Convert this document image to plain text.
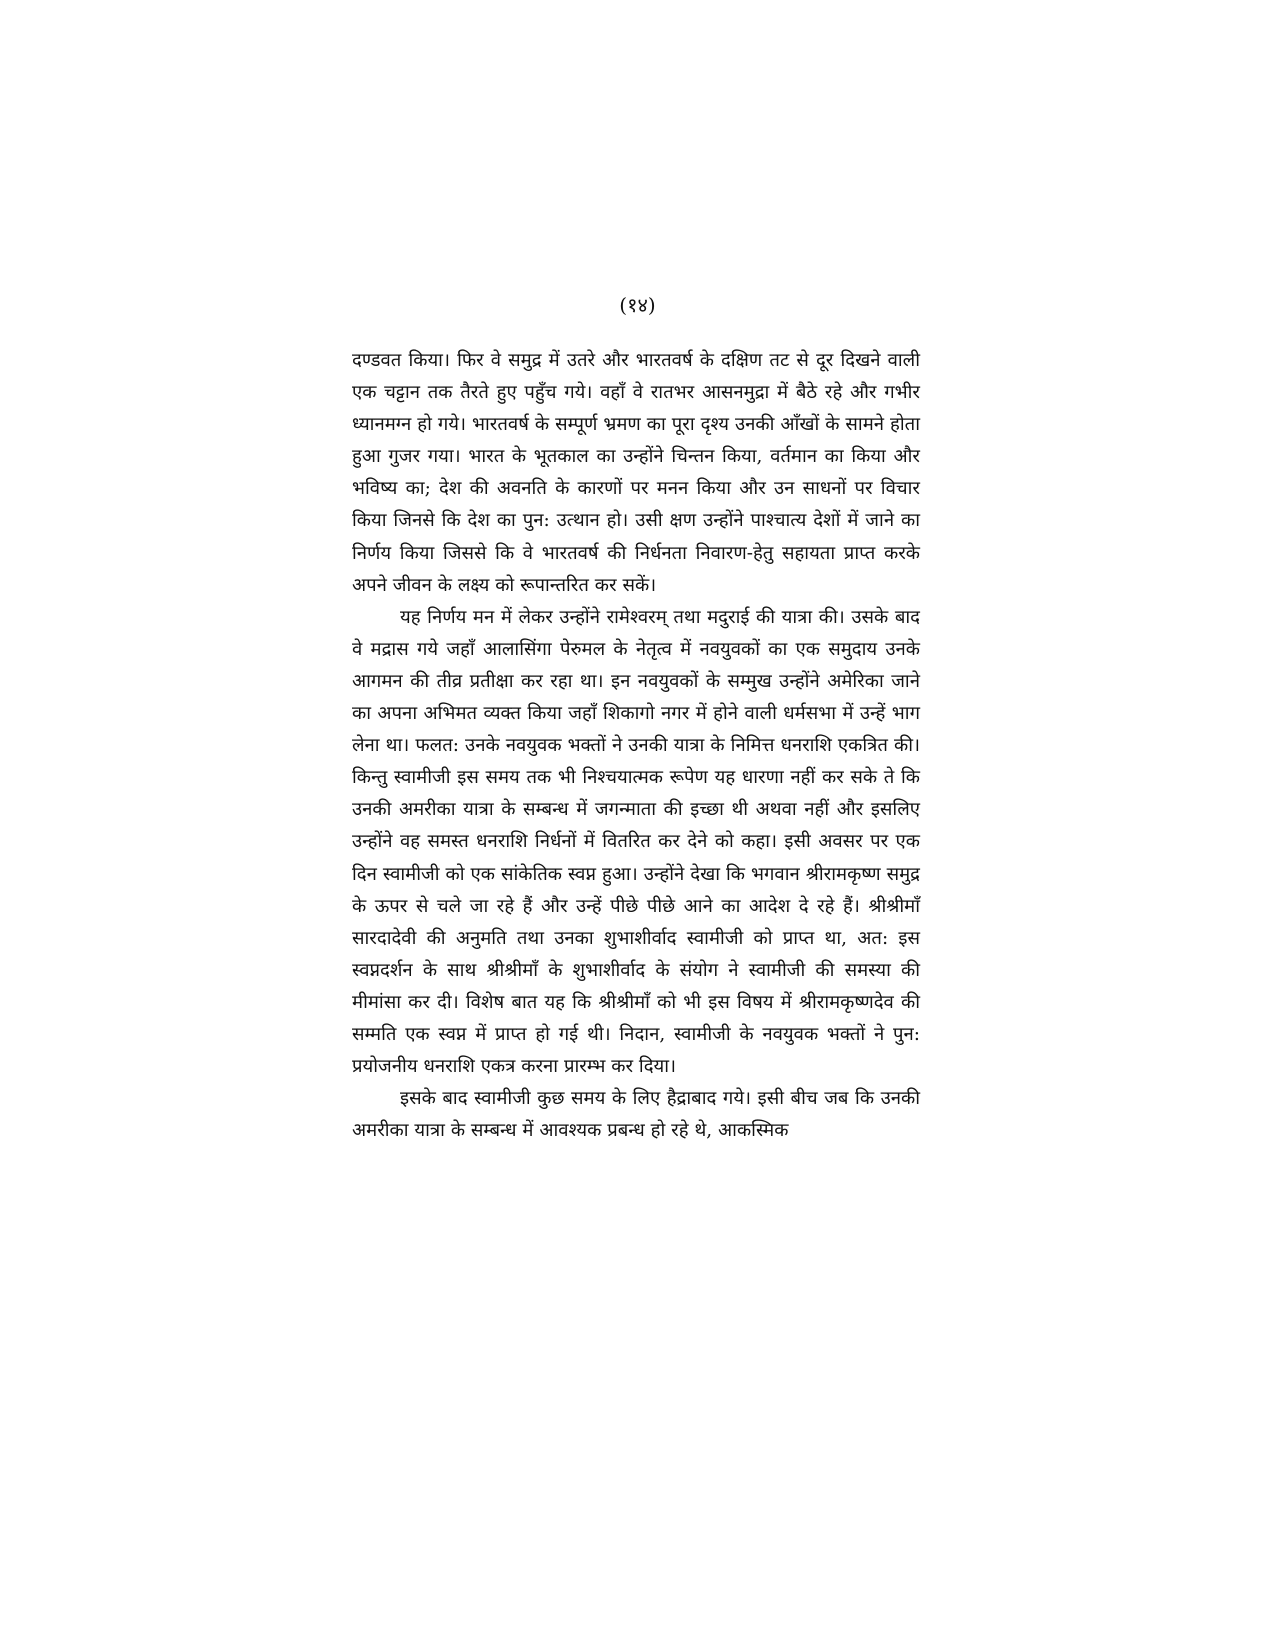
(१४)

दण्डवत किया। फिर वे समुद्र में उतरे और भारतवर्ष के दक्षिण तट से दूर दिखने वाली एक चट्टान तक तैरते हुए पहुँच गये। वहाँ वे रातभर आसनमुद्रा में बैठे रहे और गभीर ध्यानमग्न हो गये। भारतवर्ष के सम्पूर्ण भ्रमण का पूरा दृश्य उनकी आँखों के सामने होता हुआ गुजर गया। भारत के भूतकाल का उन्होंने चिन्तन किया, वर्तमान का किया और भविष्य का; देश की अवनति के कारणों पर मनन किया और उन साधनों पर विचार किया जिनसे कि देश का पुन: उत्थान हो। उसी क्षण उन्होंने पाश्चात्य देशों में जाने का निर्णय किया जिससे कि वे भारतवर्ष की निर्धनता निवारण-हेतु सहायता प्राप्त करके अपने जीवन के लक्ष्य को रूपान्तरित कर सकें।

यह निर्णय मन में लेकर उन्होंने रामेश्वरम् तथा मदुराई की यात्रा की। उसके बाद वे मद्रास गये जहाँ आलासिंगा पेरुमल के नेतृत्व में नवयुवकों का एक समुदाय उनके आगमन की तीव्र प्रतीक्षा कर रहा था। इन नवयुवकों के सम्मुख उन्होंने अमेरिका जाने का अपना अभिमत व्यक्त किया जहाँ शिकागो नगर में होने वाली धर्मसभा में उन्हें भाग लेना था। फलत: उनके नवयुवक भक्तों ने उनकी यात्रा के निमित्त धनराशि एकत्रित की। किन्तु स्वामीजी इस समय तक भी निश्चयात्मक रूपेण यह धारणा नहीं कर सके ते कि उनकी अमरीका यात्रा के सम्बन्ध में जगन्माता की इच्छा थी अथवा नहीं और इसलिए उन्होंने वह समस्त धनराशि निर्धनों में वितरित कर देने को कहा। इसी अवसर पर एक दिन स्वामीजी को एक सांकेतिक स्वप्न हुआ। उन्होंने देखा कि भगवान श्रीरामकृष्ण समुद्र के ऊपर से चले जा रहे हैं और उन्हें पीछे पीछे आने का आदेश दे रहे हैं। श्रीश्रीमाँ सारदादेवी की अनुमति तथा उनका शुभाशीर्वाद स्वामीजी को प्राप्त था, अत: इस स्वप्नदर्शन के साथ श्रीश्रीमाँ के शुभाशीर्वाद के संयोग ने स्वामीजी की समस्या की मीमांसा कर दी। विशेष बात यह कि श्रीश्रीमाँ को भी इस विषय में श्रीरामकृष्णदेव की सम्मति एक स्वप्न में प्राप्त हो गई थी। निदान, स्वामीजी के नवयुवक भक्तों ने पुन: प्रयोजनीय धनराशि एकत्र करना प्रारम्भ कर दिया।

इसके बाद स्वामीजी कुछ समय के लिए हैद्राबाद गये। इसी बीच जब कि उनकी अमरीका यात्रा के सम्बन्ध में आवश्यक प्रबन्ध हो रहे थे, आकस्मिक
